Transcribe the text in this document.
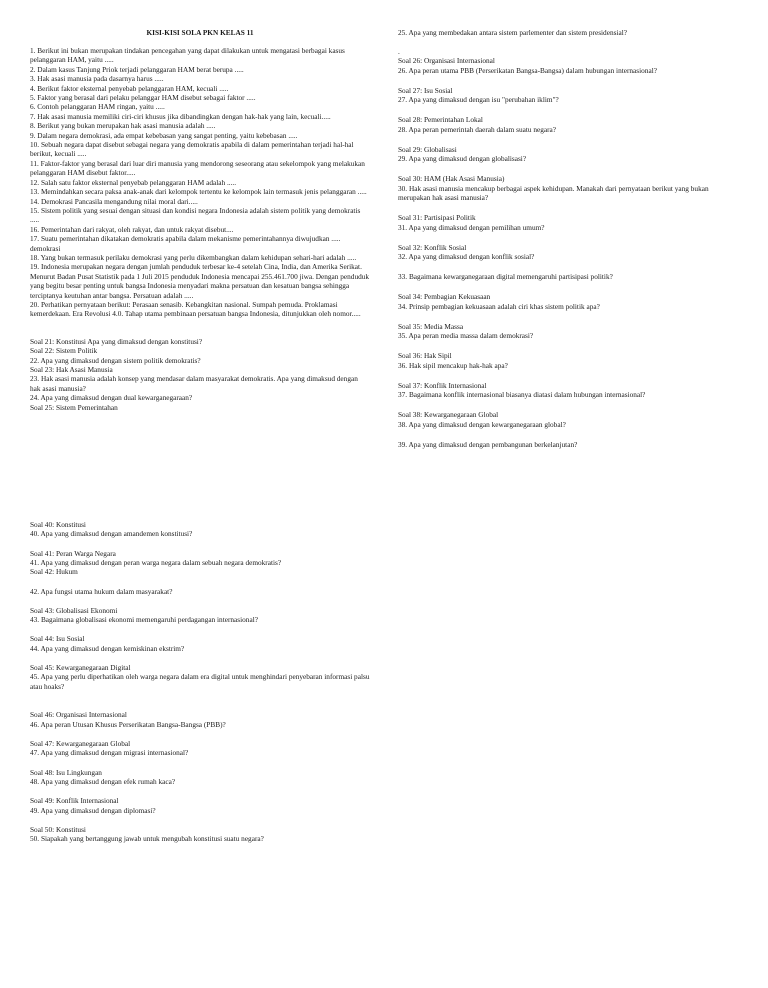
KISI-KISI SOLA PKN KELAS 11
1. Berikut ini bukan merupakan tindakan pencegahan yang dapat dilakukan untuk mengatasi berbagai kasus pelanggaran HAM, yaitu .....
2. Dalam kasus Tanjung Priok terjadi pelanggaran HAM berat berupa .....
3. Hak asasi manusia pada dasarnya harus .....
4. Berikut faktor eksternal penyebab pelanggaran HAM, kecuali .....
5. Faktor yang berasal dari pelaku pelanggar HAM disebut sebagai faktor .....
6. Contoh pelanggaran HAM ringan, yaitu .....
7. Hak asasi manusia memiliki ciri-ciri khusus jika dibandingkan dengan hak-hak yang lain, kecuali.....
8. Berikut yang bukan merupakan hak asasi manusia adalah .....
9. Dalam negara demokrasi, ada empat kebebasan yang sangat penting, yaitu kebebasan .....
10. Sebuah negara dapat disebut sebagai negara yang demokratis apabila di dalam pemerintahan terjadi hal-hal berikut, kecuali .....
11. Faktor-faktor yang berasal dari luar diri manusia yang mendorong seseorang atau sekelompok yang melakukan pelanggaran HAM disebut faktor.....
12. Salah satu faktor eksternal penyebab pelanggaran HAM adalah .....
13. Memindahkan secara paksa anak-anak dari kelompok tertentu ke kelompok lain termasuk jenis pelanggaran .....
14. Demokrasi Pancasila mengandung nilai moral dari.....
15. Sistem politik yang sesuai dengan situasi dan kondisi negara Indonesia adalah sistem politik yang demokratis .....
16. Pemerintahan dari rakyat, oleh rakyat, dan untuk rakyat disebut....
17. Suatu pemerintahan dikatakan demokratis apabila dalam mekanisme pemerintahannya diwujudkan ..... demokrasi
18. Yang bukan termasuk perilaku demokrasi yang perlu dikembangkan dalam kehidupan sehari-hari adalah .....
19. Indonesia merupakan negara dengan jumlah penduduk terbesar ke-4 setelah Cina, India, dan Amerika Serikat. Menurut Badan Pusat Statistik pada 1 Juli 2015 penduduk Indonesia mencapai 255.461.700 jiwa. Dengan penduduk yang begitu besar penting untuk bangsa Indonesia menyadari makna persatuan dan kesatuan bangsa sehingga terciptanya keutuhan antar bangsa. Persatuan adalah .....
20. Perhatikan pernyataan berikut: Perasaan senasib. Kebangkitan nasional. Sumpah pemuda. Proklamasi kemerdekaan. Era Revolusi 4.0. Tahap utama pembinaan persatuan bangsa Indonesia, ditunjukkan oleh nomor.....
Soal 21: Konstitusi Apa yang dimaksud dengan konstitusi?
Soal 22: Sistem Politik
22. Apa yang dimaksud dengan sistem politik demokratis?
Soal 23: Hak Asasi Manusia
23. Hak asasi manusia adalah konsep yang mendasar dalam masyarakat demokratis. Apa yang dimaksud dengan hak asasi manusia?
24. Apa yang dimaksud dengan dual kewarganegaraan?
Soal 25: Sistem Pemerintahan
25. Apa yang membedakan antara sistem parlementer dan sistem presidensial?
.
Soal 26: Organisasi Internasional
26. Apa peran utama PBB (Perserikatan Bangsa-Bangsa) dalam hubungan internasional?
Soal 27: Isu Sosial
27. Apa yang dimaksud dengan isu "perubahan iklim"?
Soal 28: Pemerintahan Lokal
28. Apa peran pemerintah daerah dalam suatu negara?
Soal 29: Globalisasi
29. Apa yang dimaksud dengan globalisasi?
Soal 30: HAM (Hak Asasi Manusia)
30. Hak asasi manusia mencakup berbagai aspek kehidupan. Manakah dari pernyataan berikut yang bukan merupakan hak asasi manusia?
Soal 31: Partisipasi Politik
31. Apa yang dimaksud dengan pemilihan umum?
Soal 32: Konflik Sosial
32. Apa yang dimaksud dengan konflik sosial?
33. Bagaimana kewarganegaraan digital memengaruhi partisipasi politik?
Soal 34: Pembagian Kekuasaan
34. Prinsip pembagian kekuasaan adalah ciri khas sistem politik apa?
Soal 35: Media Massa
35. Apa peran media massa dalam demokrasi?
Soal 36: Hak Sipil
36. Hak sipil mencakup hak-hak apa?
Soal 37: Konflik Internasional
37. Bagaimana konflik internasional biasanya diatasi dalam hubungan internasional?
Soal 38: Kewarganegaraan Global
38. Apa yang dimaksud dengan kewarganegaraan global?
39. Apa yang dimaksud dengan pembangunan berkelanjutan?
Soal 40: Konstitusi
40. Apa yang dimaksud dengan amandemen konstitusi?
Soal 41: Peran Warga Negara
41. Apa yang dimaksud dengan peran warga negara dalam sebuah negara demokratis?
Soal 42: Hukum
42. Apa fungsi utama hukum dalam masyarakat?
Soal 43: Globalisasi Ekonomi
43. Bagaimana globalisasi ekonomi memengaruhi perdagangan internasional?
Soal 44: Isu Sosial
44. Apa yang dimaksud dengan kemiskinan ekstrim?
Soal 45: Kewarganegaraan Digital
45. Apa yang perlu diperhatikan oleh warga negara dalam era digital untuk menghindari penyebaran informasi palsu atau hoaks?
Soal 46: Organisasi Internasional
46. Apa peran Utusan Khusus Perserikatan Bangsa-Bangsa (PBB)?
Soal 47: Kewarganegaraan Global
47. Apa yang dimaksud dengan migrasi internasional?
Soal 48: Isu Lingkungan
48. Apa yang dimaksud dengan efek rumah kaca?
Soal 49: Konflik Internasional
49. Apa yang dimaksud dengan diplomasi?
Soal 50: Konstitusi
50. Siapakah yang bertanggung jawab untuk mengubah konstitusi suatu negara?
